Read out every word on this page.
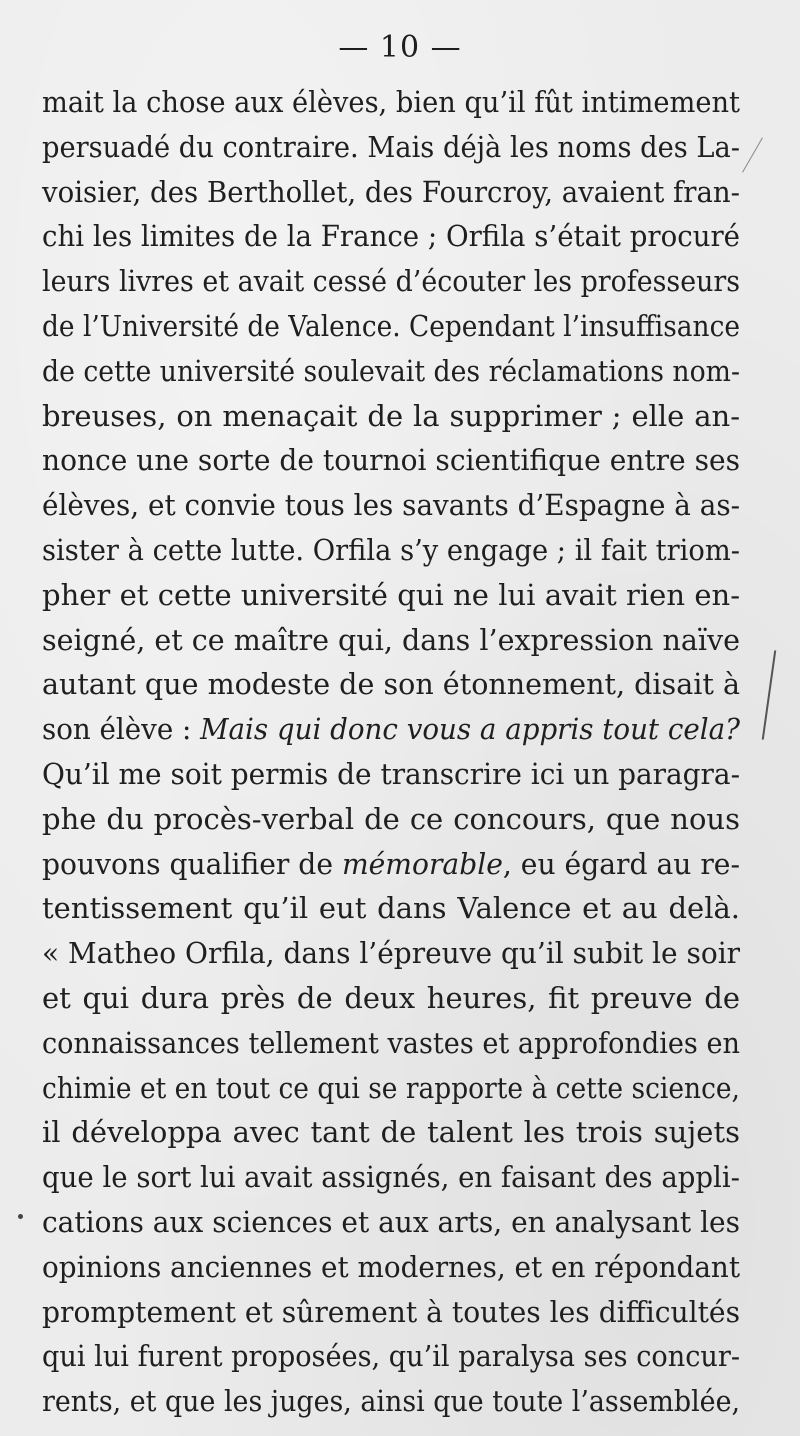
— 10 —
mait la chose aux élèves, bien qu’il fût intimement
persuadé du contraire. Mais déjà les noms des La-
voisier, des Berthollet, des Fourcroy, avaient fran-
chi les limites de la France ; Orfila s’était procuré
leurs livres et avait cessé d’écouter les professeurs
de l’Université de Valence. Cependant l’insuffisance
de cette université soulevait des réclamations nom-
breuses, on menaçait de la supprimer ; elle an-
nonce une sorte de tournoi scientifique entre ses
élèves, et convie tous les savants d’Espagne à as-
sister à cette lutte. Orfila s’y engage ; il fait triom-
pher et cette université qui ne lui avait rien en-
seigné, et ce maître qui, dans l’expression naïve
autant que modeste de son étonnement, disait à
son élève : Mais qui donc vous a appris tout cela?
Qu’il me soit permis de transcrire ici un paragra-
phe du procès-verbal de ce concours, que nous
pouvons qualifier de mémorable, eu égard au re-
tentissement qu’il eut dans Valence et au delà.
« Matheo Orfila, dans l’épreuve qu’il subit le soir
et qui dura près de deux heures, fit preuve de
connaissances tellement vastes et approfondies en
chimie et en tout ce qui se rapporte à cette science,
il développa avec tant de talent les trois sujets
que le sort lui avait assignés, en faisant des appli-
cations aux sciences et aux arts, en analysant les
opinions anciennes et modernes, et en répondant
promptement et sûrement à toutes les difficultés
qui lui furent proposées, qu’il paralysa ses concur-
rents, et que les juges, ainsi que toute l’assemblée,
